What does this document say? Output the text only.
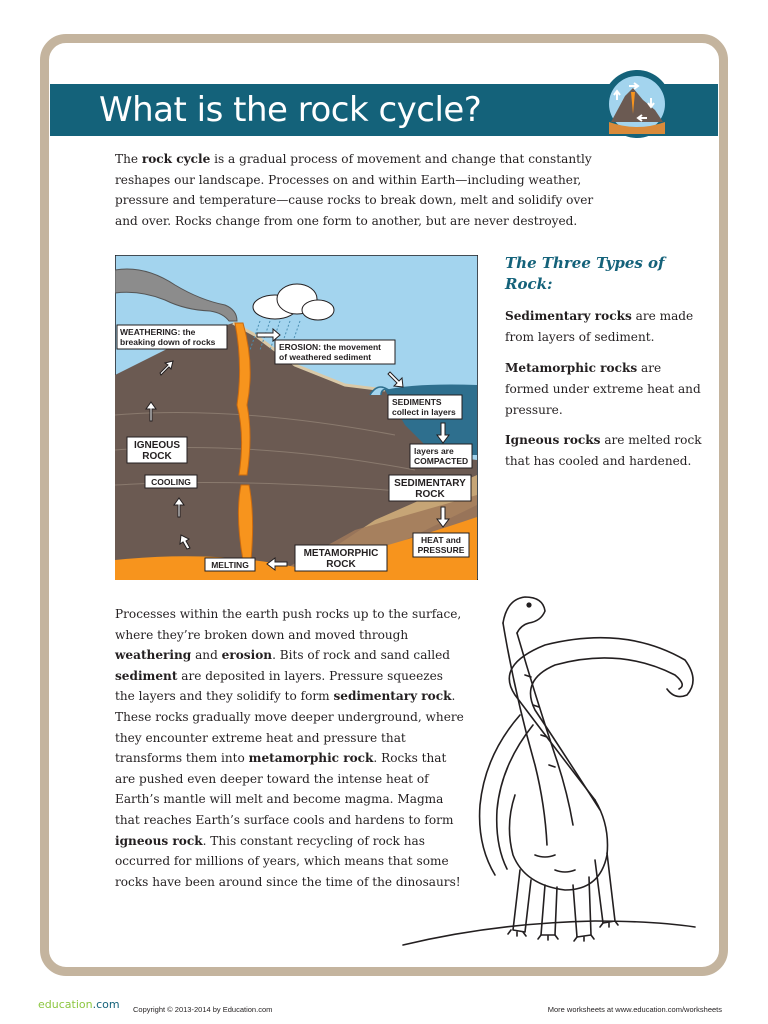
What is the rock cycle?

The rock cycle is a gradual process of movement and change that constantly reshapes our landscape. Processes on and within Earth—including weather, pressure and temperature—cause rocks to break down, melt and solidify over and over. Rocks change from one form to another, but are never destroyed.

WEATHERING: the
breaking down of rocks	EROSION: the movement
of weathered sediment
SEDIMENTS
collect in layers
layers are
COMPACTED
IGNEOUS
ROCK
COOLING	SEDIMENTARY
ROCK
HEAT and
PRESSURE
METAMORPHIC
ROCK
MELTING

The Three Types of
Rock:

Sedimentary rocks are made from layers of sediment.

Metamorphic rocks are formed under extreme heat and pressure.

Igneous rocks are melted rock that has cooled and hardened.

Processes within the earth push rocks up to the surface, where they’re broken down and moved through weathering and erosion. Bits of rock and sand called sediment are deposited in layers. Pressure squeezes the layers and they solidify to form sedimentary rock. These rocks gradually move deeper underground, where they encounter extreme heat and pressure that transforms them into metamorphic rock. Rocks that are pushed even deeper toward the intense heat of Earth’s mantle will melt and become magma. Magma that reaches Earth’s surface cools and hardens to form igneous rock. This constant recycling of rock has occurred for millions of years, which means that some rocks have been around since the time of the dinosaurs!

education.com Copyright © 2013-2014 by Education.com	More worksheets at www.education.com/worksheets
